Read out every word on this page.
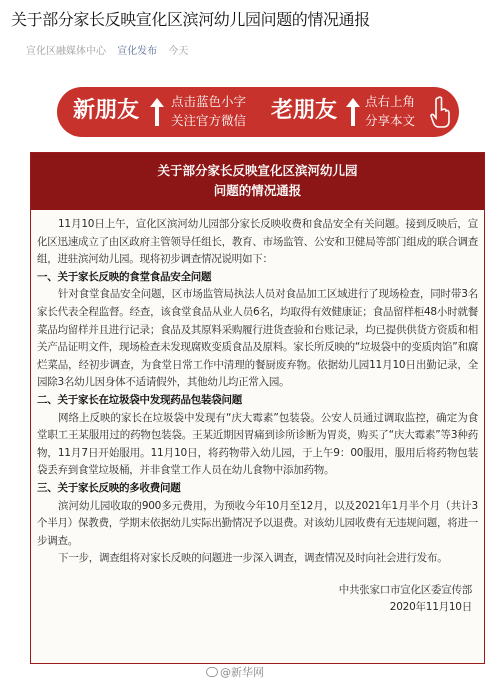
关于部分家长反映宣化区滨河幼儿园问题的情况通报
宣化区融媒体中心 宣化发布 今天
新朋友	点击蓝色小字
关注官方微信 老朋友 点右上角
分享本文
关于部分家长反映宣化区滨河幼儿园
问题的情况通报

11月10日上午，宣化区滨河幼儿园部分家长反映收费和食品安全有关问题。接到反映后，宣化区迅速成立了由区政府主管领导任组长，教育、市场监管、公安和卫健局等部门组成的联合调查组，进驻滨河幼儿园。现将初步调查情况说明如下：

一、关于家长反映的食堂食品安全问题

针对食堂食品安全问题，区市场监管局执法人员对食品加工区域进行了现场检查，同时带3名家长代表全程监督。经查，该食堂食品从业人员6名，均取得有效健康证；食品留样柜48小时就餐菜品均留样并且进行记录；食品及其原料采购履行进货查验和台账记录，均已提供供货方资质和相关产品证明文件，现场检查未发现腐败变质食品及原料。家长所反映的“垃圾袋中的变质肉馅”和腐烂菜品，经初步调查，为食堂日常工作中清理的餐厨废弃物。依据幼儿园11月10日出勤记录，全园除3名幼儿因身体不适请假外，其他幼儿均正常入园。

二、关于家长在垃圾袋中发现药品包装袋问题

网络上反映的家长在垃圾袋中发现有“庆大霉素”包装袋。公安人员通过调取监控，确定为食堂职工王某服用过的药物包装袋。王某近期因胃痛到诊所诊断为胃炎，购买了“庆大霉素”等3种药物，11月7日开始服用。11月10日，将药物带入幼儿园，于上午9：00服用，服用后将药物包装袋丢弃到食堂垃圾桶，并非食堂工作人员在幼儿食物中添加药物。

三、关于家长反映的多收费问题

滨河幼儿园收取的900多元费用，为预收今年10月至12月，以及2021年1月半个月（共计3个半月）保教费，学期末依据幼儿实际出勤情况予以退费。对该幼儿园收费有无违规问题，将进一步调查。

下一步，调查组将对家长反映的问题进一步深入调查，调查情况及时向社会进行发布。

中共张家口市宣化区委宣传部

2020年11月10日

@新华网
